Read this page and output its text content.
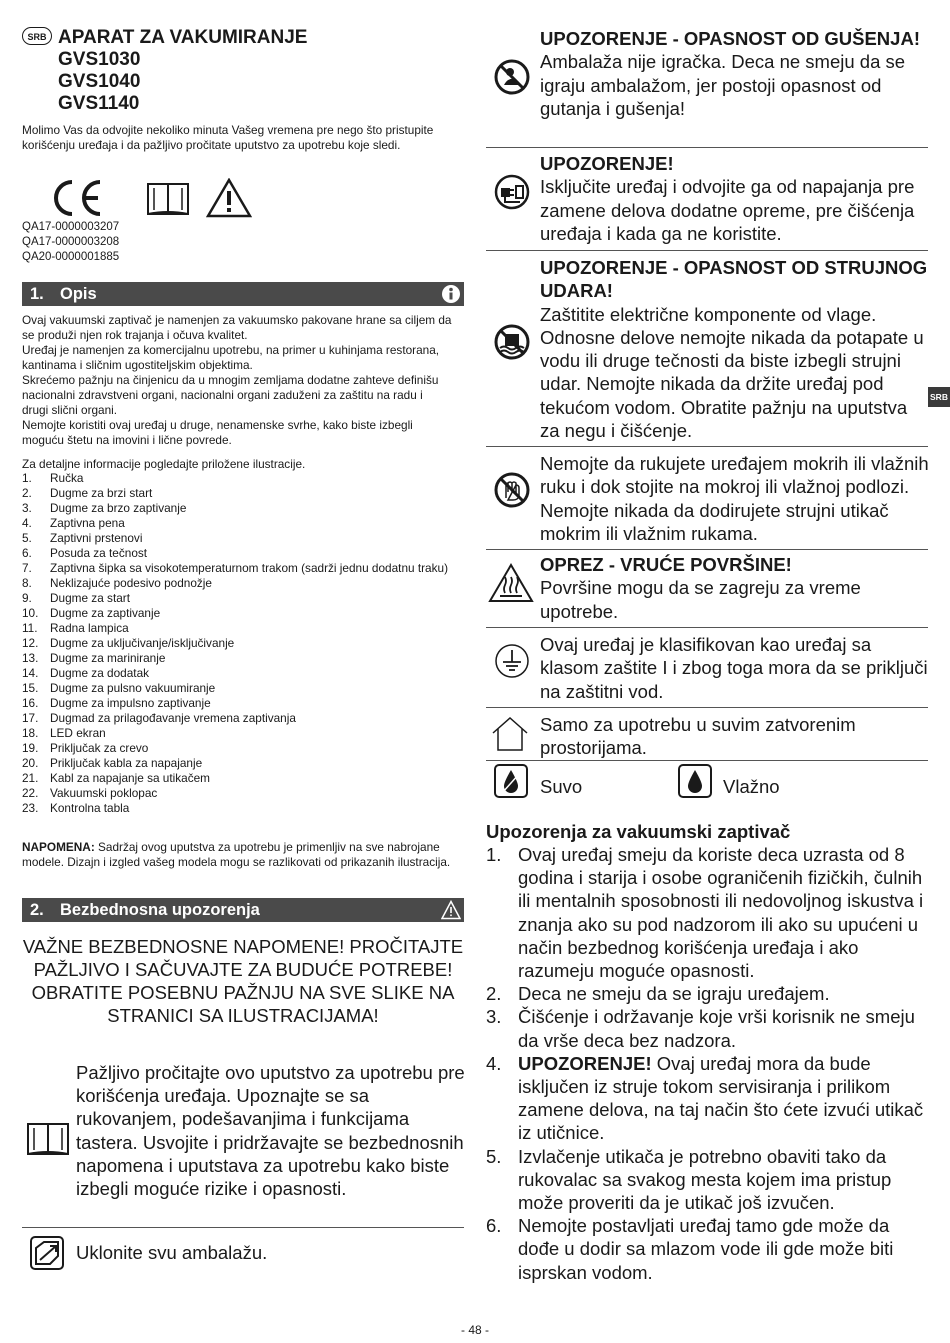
SRB APARAT ZA VAKUMIRANJE
GVS1030
GVS1040
GVS1140
Molimo Vas da odvojite nekoliko minuta Vašeg vremena pre nego što pristupite korišćenju uređaja i da pažljivo pročitate uputstvo za upotrebu koje sledi.
QA17-0000003207
QA17-0000003208
QA20-0000001885
1. Opis

Ovaj vakuumski zaptivač je namenjen za vakuumsko pakovane hrane sa ciljem da se produži njen rok trajanja i očuva kvalitet.

Uređaj je namenjen za komercijalnu upotrebu, na primer u kuhinjama restorana, kantinama i sličnim ugostiteljskim objektima.

Skrećemo pažnju na činjenicu da u mnogim zemljama dodatne zahteve definišu nacionalni zdravstveni organi, nacionalni organi zaduženi za zaštitu na radu i drugi slični organi.

Nemojte koristiti ovaj uređaj u druge, nenamenske svrhe, kako biste izbegli moguću štetu na imovini i lične povrede.

Za detaljne informacije pogledajte priložene ilustracije.
1.	Ručka
2.	Dugme za brzi start
3.	Dugme za brzo zaptivanje
4.	Zaptivna pena
5.	Zaptivni prstenovi
6.	Posuda za tečnost
7.	Zaptivna šipka sa visokotemperaturnom trakom (sadrži jednu dodatnu traku)
8.	Neklizajuće podesivo podnožje
9.	Dugme za start
10. Dugme za zaptivanje
11.	Radna lampica
12. Dugme za uključivanje/isključivanje
13. Dugme za mariniranje
14. Dugme za dodatak
15. Dugme za pulsno vakuumiranje
16. Dugme za impulsno zaptivanje
17. Dugmad za prilagođavanje vremena zaptivanja
18. LED ekran
19. Priključak za crevo
20. Priključak kabla za napajanje
21. Kabl za napajanje sa utikačem
22. Vakuumski poklopac
23. Kontrolna tabla
NAPOMENA: Sadržaj ovog uputstva za upotrebu je primenljiv na sve nabrojane modele. Dizajn i izgled vašeg modela mogu se razlikovati od prikazanih ilustracija.
2. Bezbednosna upozorenja
VAŽNE BEZBEDNOSNE NAPOMENE! PROČITAJTE PAŽLJIVO I SAČUVAJTE ZA BUDUĆE POTREBE! OBRATITE POSEBNU PAŽNJU NA SVE SLIKE NA STRANICI SA ILUSTRACIJAMA!
Pažljivo pročitajte ovo uputstvo za upotrebu pre korišćenja uređaja. Upoznajte se sa rukovanjem, podešavanjima i funkcijama tastera. Usvojite i pridržavajte se bezbednosnih napomena i uputstava za upotrebu kako biste izbegli moguće rizike i opasnosti.
Uklonite svu ambalažu.
UPOZORENJE - OPASNOST OD GUŠENJA!
Ambalaža nije igračka. Deca ne smeju da se igraju ambalažom, jer postoji opasnost od gutanja i gušenja!
UPOZORENJE!
Isključite uređaj i odvojite ga od napajanja pre zamene delova dodatne opreme, pre čišćenja uređaja i kada ga ne koristite.
UPOZORENJE - OPASNOST OD STRUJNOG UDARA!
Zaštitite električne komponente od vlage. Odnosne delove nemojte nikada da potapate u vodu ili druge tečnosti da biste izbegli strujni udar. Nemojte nikada da držite uređaj pod tekućom vodom. Obratite pažnju na uputstva za negu i čišćenje.
Nemojte da rukujete uređajem mokrih ili vlažnih ruku i dok stojite na mokroj ili vlažnoj podlozi. Nemojte nikada da dodirujete strujni utikač mokrim ili vlažnim rukama.
OPREZ - VRUĆE POVRŠINE!
Površine mogu da se zagreju za vreme upotrebe.
Ovaj uređaj je klasifikovan kao uređaj sa klasom zaštite I i zbog toga mora da se priključi na zaštitni vod.
Samo za upotrebu u suvim zatvorenim prostorijama.
Suvo	Vlažno
SRB
Upozorenja za vakuumski zaptivač
1. Ovaj uređaj smeju da koriste deca uzrasta od 8 godina i starija i osobe ograničenih fizičkih, čulnih ili mentalnih sposobnosti ili nedovoljnog iskustva i znanja ako su pod nadzorom ili ako su upućeni u način bezbednog korišćenja uređaja i ako razumeju moguće opasnosti.
2. Deca ne smeju da se igraju uređajem.
3. Čišćenje i održavanje koje vrši korisnik ne smeju da vrše deca bez nadzora.
4. UPOZORENJE! Ovaj uređaj mora da bude isključen iz struje tokom servisiranja i prilikom zamene delova, na taj način što ćete izvući utikač iz utičnice.
5. Izvlačenje utikača je potrebno obaviti tako da rukovalac sa svakog mesta kojem ima pristup može proveriti da je utikač još izvučen.
6. Nemojte postavljati uređaj tamo gde može da dođe u dodir sa mlazom vode ili gde može biti isprskan vodom.
- 48 -
